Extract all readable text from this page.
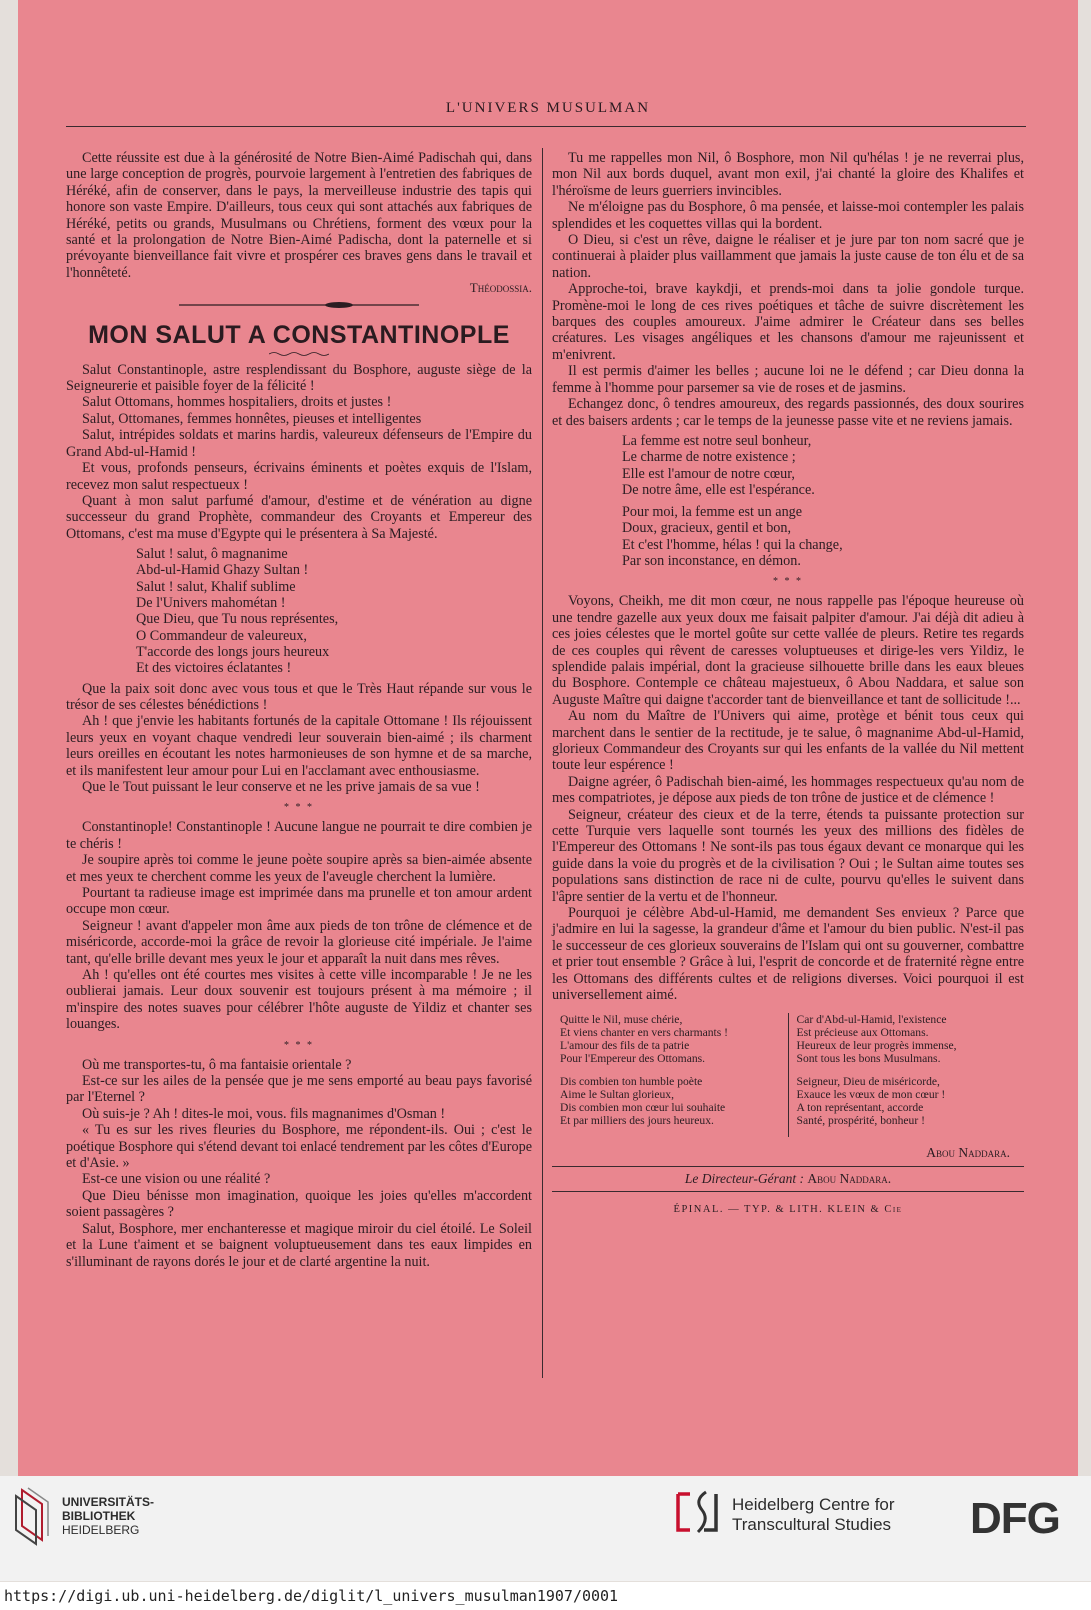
L'UNIVERS MUSULMAN

Cette réussite est due à la générosité de Notre Bien-Aimé Padischah qui, dans une large conception de progrès, pourvoie largement à l'entretien des fabriques de Héréké, afin de conserver, dans le pays, la merveilleuse industrie des tapis qui honore son vaste Empire. D'ailleurs, tous ceux qui sont attachés aux fabriques de Héréké, petits ou grands, Musulmans ou Chrétiens, forment des vœux pour la santé et la prolongation de Notre Bien-Aimé Padischa, dont la paternelle et si prévoyante bienveillance fait vivre et prospérer ces braves gens dans le travail et l'honnêteté.

Théodossia.
MON SALUT A CONSTANTINOPLE

Salut Constantinople, astre resplendissant du Bosphore, auguste siège de la Seigneurerie et paisible foyer de la félicité !

Salut Ottomans, hommes hospitaliers, droits et justes !

Salut, Ottomanes, femmes honnêtes, pieuses et intelligentes

Salut, intrépides soldats et marins hardis, valeureux défenseurs de l'Empire du Grand Abd-ul-Hamid !

Et vous, profonds penseurs, écrivains éminents et poètes exquis de l'Islam, recevez mon salut respectueux !

Quant à mon salut parfumé d'amour, d'estime et de vénération au digne successeur du grand Prophète, commandeur des Croyants et Empereur des Ottomans, c'est ma muse d'Egypte qui le présentera à Sa Majesté.

Salut ! salut, ô magnanime
Abd-ul-Hamid Ghazy Sultan !
Salut ! salut, Khalif sublime
De l'Univers mahométan !
Que Dieu, que Tu nous représentes,
O Commandeur de valeureux,
T'accorde des longs jours heureux
Et des victoires éclatantes !

Que la paix soit donc avec vous tous et que le Très Haut répande sur vous le trésor de ses célestes bénédictions !

Ah ! que j'envie les habitants fortunés de la capitale Ottomane ! Ils réjouissent leurs yeux en voyant chaque vendredi leur souverain bien-aimé ; ils charment leurs oreilles en écoutant les notes harmonieuses de son hymne et de sa marche, et ils manifestent leur amour pour Lui en l'acclamant avec enthousiasme.

Que le Tout puissant le leur conserve et ne les prive jamais de sa vue !

* * *

Constantinople! Constantinople ! Aucune langue ne pourrait te dire combien je te chéris !

Je soupire après toi comme le jeune poète soupire après sa bien-aimée absente et mes yeux te cherchent comme les yeux de l'aveugle cherchent la lumière.

Pourtant ta radieuse image est imprimée dans ma prunelle et ton amour ardent occupe mon cœur.

Seigneur ! avant d'appeler mon âme aux pieds de ton trône de clémence et de miséricorde, accorde-moi la grâce de revoir la glorieuse cité impériale. Je l'aime tant, qu'elle brille devant mes yeux le jour et apparaît la nuit dans mes rêves.

Ah ! qu'elles ont été courtes mes visites à cette ville incomparable ! Je ne les oublierai jamais. Leur doux souvenir est toujours présent à ma mémoire ; il m'inspire des notes suaves pour célébrer l'hôte auguste de Yildiz et chanter ses louanges.

* * *

Où me transportes-tu, ô ma fantaisie orientale ?

Est-ce sur les ailes de la pensée que je me sens emporté au beau pays favorisé par l'Eternel ?

Où suis-je ? Ah ! dites-le moi, vous. fils magnanimes d'Osman !

« Tu es sur les rives fleuries du Bosphore, me répondent-ils. Oui ; c'est le poétique Bosphore qui s'étend devant toi enlacé tendrement par les côtes d'Europe et d'Asie. »

Est-ce une vision ou une réalité ?

Que Dieu bénisse mon imagination, quoique les joies qu'elles m'accordent soient passagères ?

Salut, Bosphore, mer enchanteresse et magique miroir du ciel étoilé. Le Soleil et la Lune t'aiment et se baignent voluptueusement dans tes eaux limpides en s'illuminant de rayons dorés le jour et de clarté argentine la nuit.

Tu me rappelles mon Nil, ô Bosphore, mon Nil qu'hélas ! je ne reverrai plus, mon Nil aux bords duquel, avant mon exil, j'ai chanté la gloire des Khalifes et l'héroïsme de leurs guerriers invincibles.

Ne m'éloigne pas du Bosphore, ô ma pensée, et laisse-moi contempler les palais splendides et les coquettes villas qui la bordent.

O Dieu, si c'est un rêve, daigne le réaliser et je jure par ton nom sacré que je continuerai à plaider plus vaillamment que jamais la juste cause de ton élu et de sa nation.

Approche-toi, brave kaykdji, et prends-moi dans ta jolie gondole turque. Promène-moi le long de ces rives poétiques et tâche de suivre discrètement les barques des couples amoureux. J'aime admirer le Créateur dans ses belles créatures. Les visages angéliques et les chansons d'amour me rajeunissent et m'enivrent.

Il est permis d'aimer les belles ; aucune loi ne le défend ; car Dieu donna la femme à l'homme pour parsemer sa vie de roses et de jasmins.

Echangez donc, ô tendres amoureux, des regards passionnés, des doux sourires et des baisers ardents ; car le temps de la jeunesse passe vite et ne reviens jamais.

La femme est notre seul bonheur,
Le charme de notre existence ;
Elle est l'amour de notre cœur,
De notre âme, elle est l'espérance.
Pour moi, la femme est un ange
Doux, gracieux, gentil et bon,
Et c'est l'homme, hélas ! qui la change,
Par son inconstance, en démon.
* * *

Voyons, Cheikh, me dit mon cœur, ne nous rappelle pas l'époque heureuse où une tendre gazelle aux yeux doux me faisait palpiter d'amour. J'ai déjà dit adieu à ces joies célestes que le mortel goûte sur cette vallée de pleurs. Retire tes regards de ces couples qui rêvent de caresses voluptueuses et dirige-les vers Yildiz, le splendide palais impérial, dont la gracieuse silhouette brille dans les eaux bleues du Bosphore. Contemple ce château majestueux, ô Abou Naddara, et salue son Auguste Maître qui daigne t'accorder tant de bienveillance et tant de sollicitude !...

Au nom du Maître de l'Univers qui aime, protège et bénit tous ceux qui marchent dans le sentier de la rectitude, je te salue, ô magnanime Abd-ul-Hamid, glorieux Commandeur des Croyants sur qui les enfants de la vallée du Nil mettent toute leur espérence !

Daigne agréer, ô Padischah bien-aimé, les hommages respectueux qu'au nom de mes compatriotes, je dépose aux pieds de ton trône de justice et de clémence !

Seigneur, créateur des cieux et de la terre, étends ta puissante protection sur cette Turquie vers laquelle sont tournés les yeux des millions des fidèles de l'Empereur des Ottomans ! Ne sont-ils pas tous égaux devant ce monarque qui les guide dans la voie du progrès et de la civilisation ? Oui ; le Sultan aime toutes ses populations sans distinction de race ni de culte, pourvu qu'elles le suivent dans l'âpre sentier de la vertu et de l'honneur.

Pourquoi je célèbre Abd-ul-Hamid, me demandent Ses envieux ? Parce que j'admire en lui la sagesse, la grandeur d'âme et l'amour du bien public. N'est-il pas le successeur de ces glorieux souverains de l'Islam qui ont su gouverner, combattre et prier tout ensemble ? Grâce à lui, l'esprit de concorde et de fraternité règne entre les Ottomans des différents cultes et de religions diverses. Voici pourquoi il est universellement aimé.

Quitte le Nil, muse chérie,
Et viens chanter en vers charmants !
L'amour des fils de ta patrie
Pour l'Empereur des Ottomans.
Dis combien ton humble poète
Aime le Sultan glorieux,
Dis combien mon cœur lui souhaite
Et par milliers des jours heureux.
Car d'Abd-ul-Hamid, l'existence
Est précieuse aux Ottomans.
Heureux de leur progrès immense,
Sont tous les bons Musulmans.
Seigneur, Dieu de miséricorde,
Exauce les vœux de mon cœur !
A ton représentant, accorde
Santé, prospérité, bonheur !
Abou Naddara.
Le Directeur-Gérant : Abou Naddara.
ÉPINAL. — TYP. & LITH. KLEIN & Cie
UNIVERSITÄTS-
BIBLIOTHEK
HEIDELBERG
Heidelberg Centre for
Transcultural Studies DFG
https://digi.ub.uni-heidelberg.de/diglit/l_univers_musulman1907/0001
